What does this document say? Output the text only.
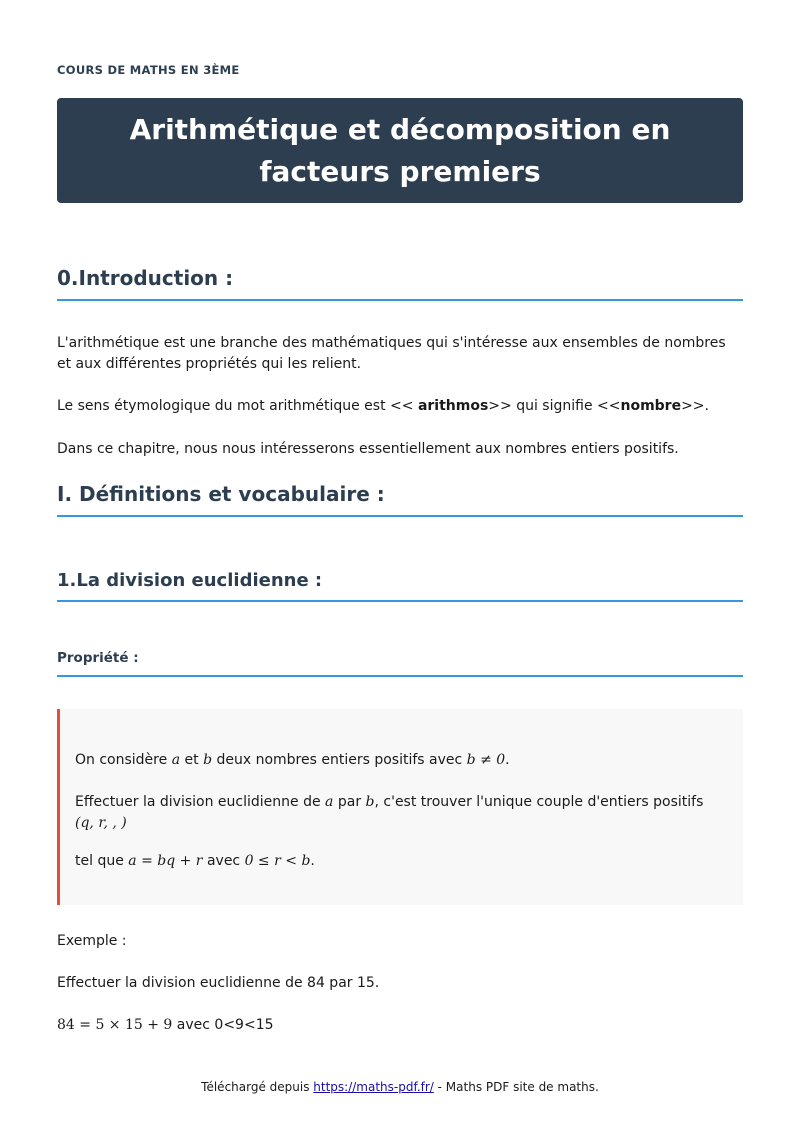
COURS DE MATHS EN 3ÈME
Arithmétique et décomposition en facteurs premiers
0.Introduction :

L'arithmétique est une branche des mathématiques qui s'intéresse aux ensembles de nombres et aux différentes propriétés qui les relient.

Le sens étymologique du mot arithmétique est << arithmos>> qui signifie <<nombre>>.

Dans ce chapitre, nous nous intéresserons essentiellement aux nombres entiers positifs.

I. Définitions et vocabulaire :
1.La division euclidienne :
Propriété :

On considère a et b deux nombres entiers positifs avec b ≠ 0.

Effectuer la division euclidienne de a par b, c'est trouver l'unique couple d'entiers positifs
(q, r, , )

tel que a = bq + r avec 0 ≤ r < b.

Exemple :

Effectuer la division euclidienne de 84 par 15.

84 = 5 × 15 + 9 avec 0<9<15

Téléchargé depuis https://maths-pdf.fr/ - Maths PDF site de maths.
